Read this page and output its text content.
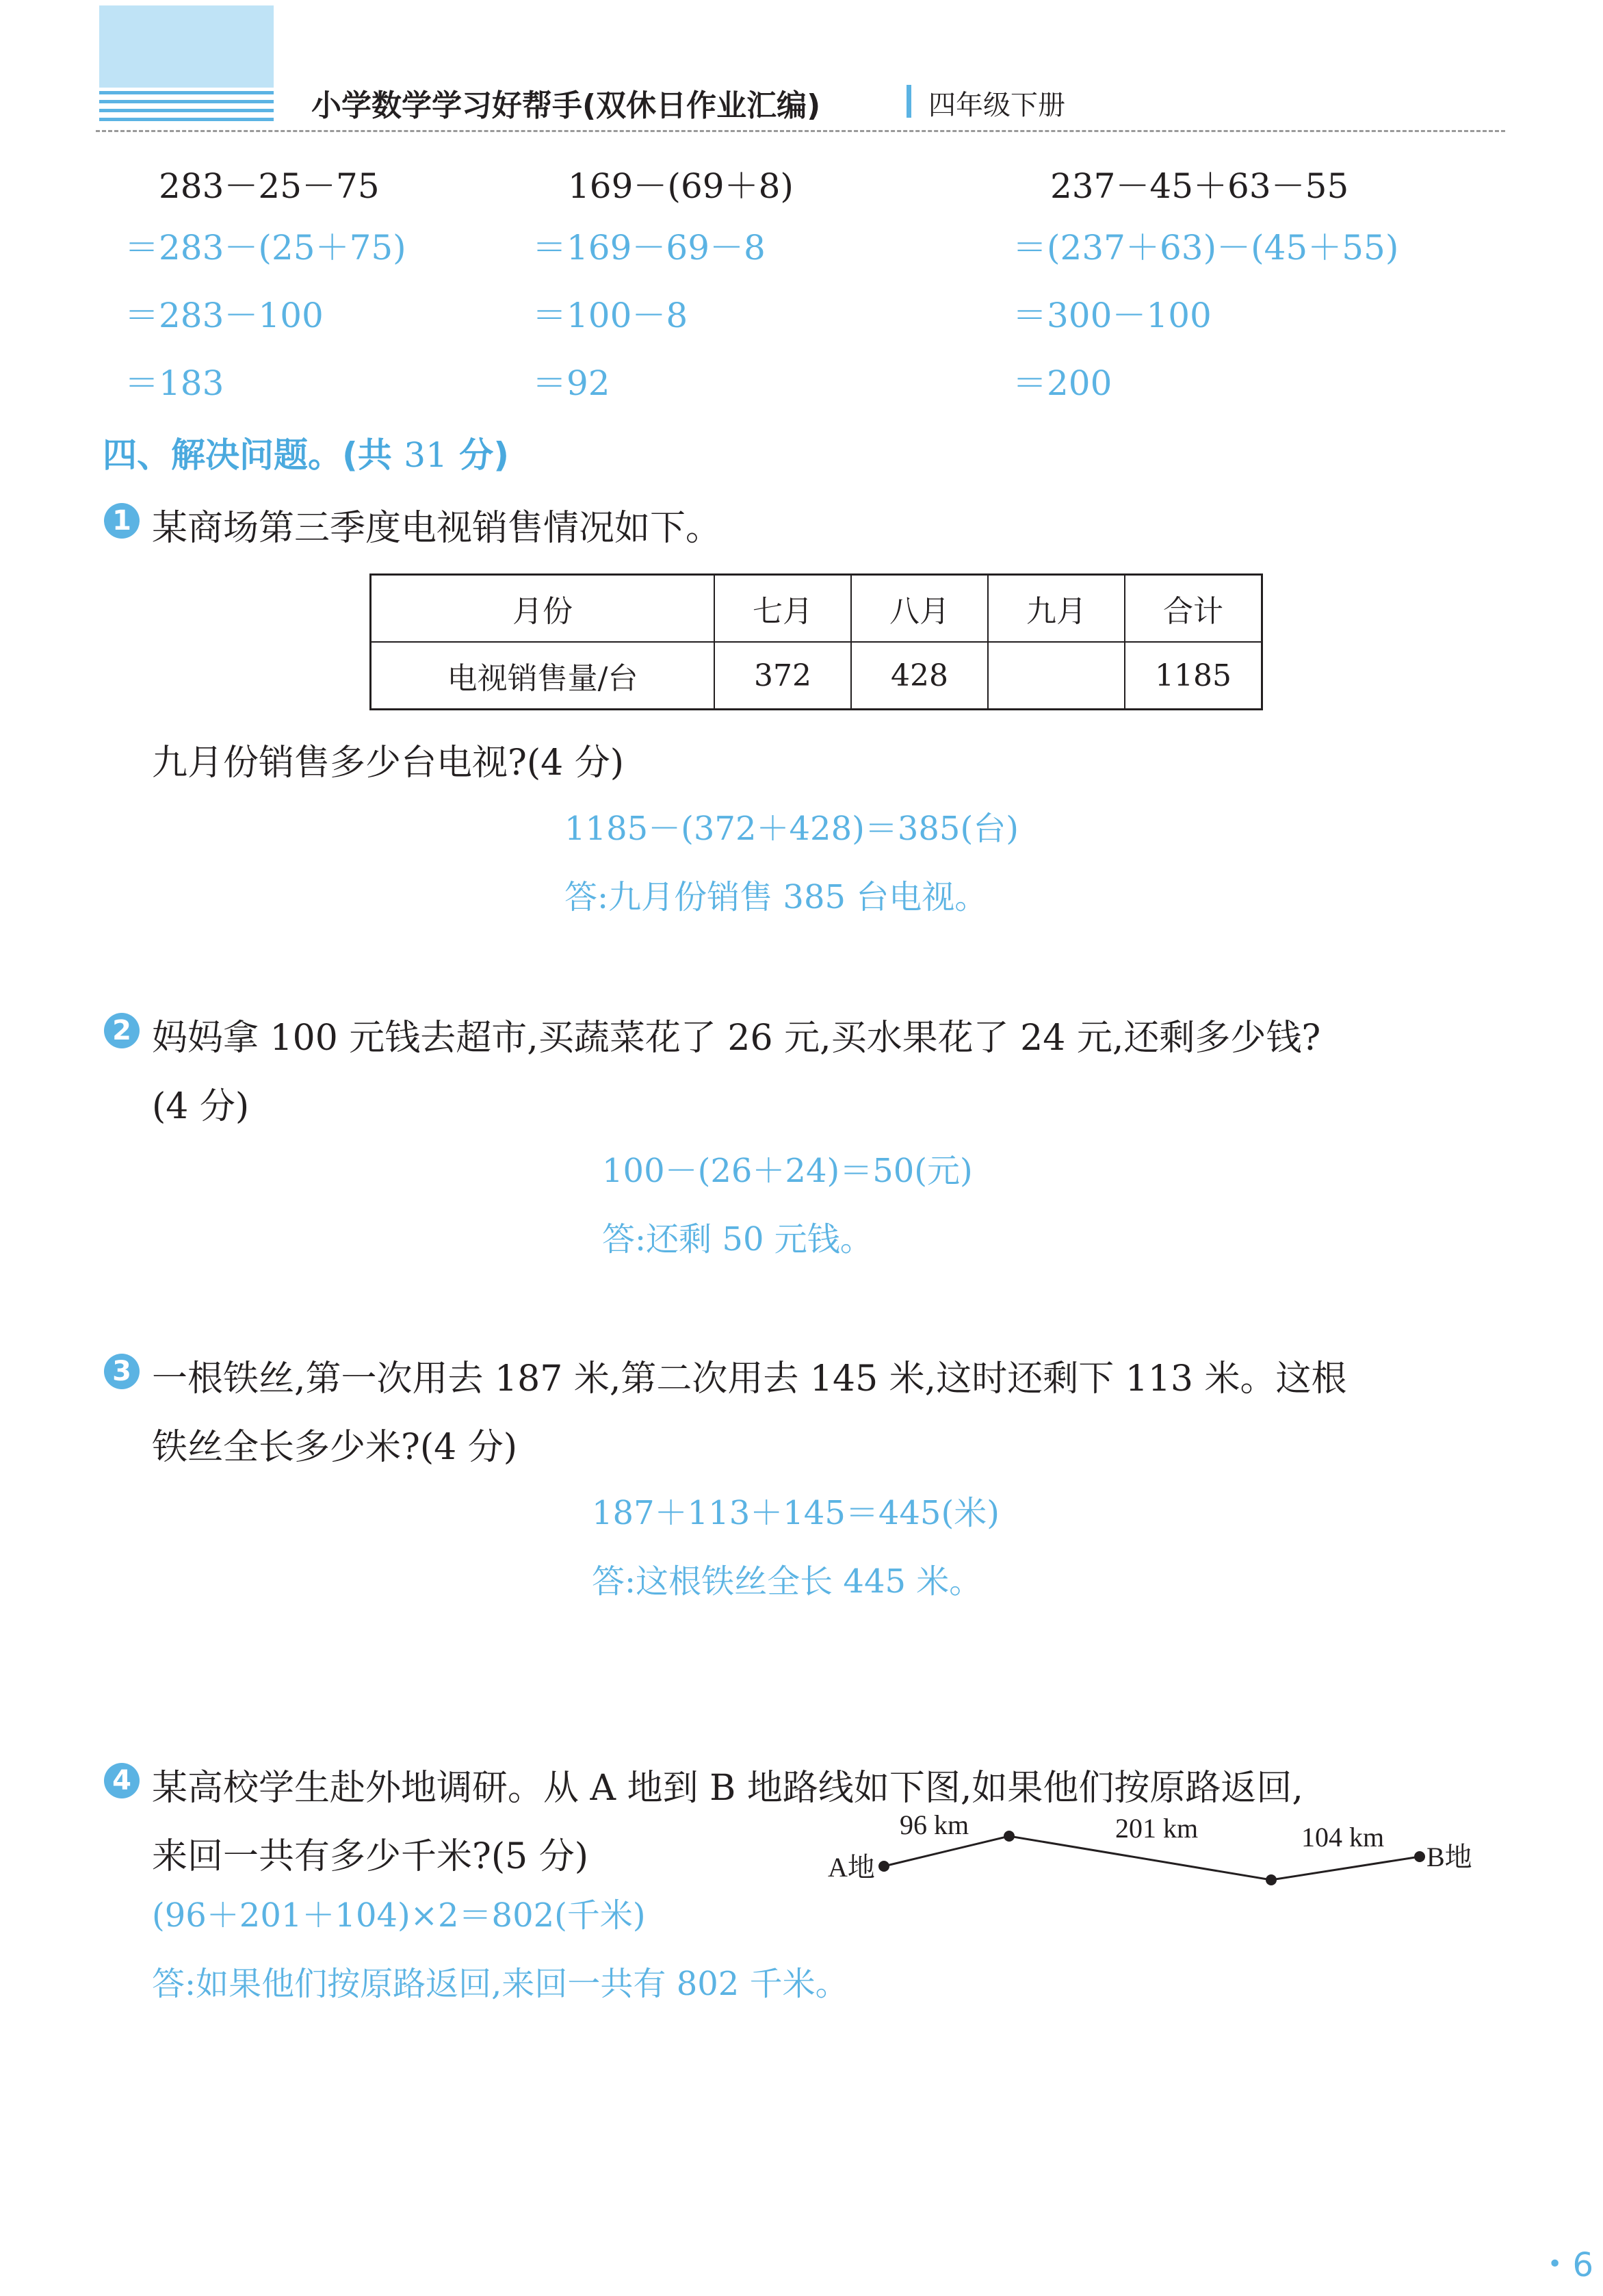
小学数学学习好帮手(双休日作业汇编)	四年级下册
283－25－75
＝283－(25＋75)
＝283－100
＝183
169－(69＋8)
＝169－69－8
＝100－8
＝92
237－45＋63－55
＝(237＋63)－(45＋55)
＝300－100
＝200
四、解决问题。(共 31 分)
1 某商场第三季度电视销售情况如下。
月份	七月	八月	九月	合计
电视销售量/台	372	428		1185
九月份销售多少台电视?(4 分)
1185－(372＋428)＝385(台)
答:九月份销售 385 台电视。
2 妈妈拿 100 元钱去超市,买蔬菜花了 26 元,买水果花了 24 元,还剩多少钱?
(4 分)
100－(26＋24)＝50(元)
答:还剩 50 元钱。
3 一根铁丝,第一次用去 187 米,第二次用去 145 米,这时还剩下 113 米。这根
铁丝全长多少米?(4 分)
187＋113＋145＝445(米)
答:这根铁丝全长 445 米。
4 某高校学生赴外地调研。从 A 地到 B 地路线如下图,如果他们按原路返回,
来回一共有多少千米?(5 分)	A地	B地
96 km	201 km	104 km
(96＋201＋104)×2＝802(千米)
答:如果他们按原路返回,来回一共有 802 千米。
• 6
